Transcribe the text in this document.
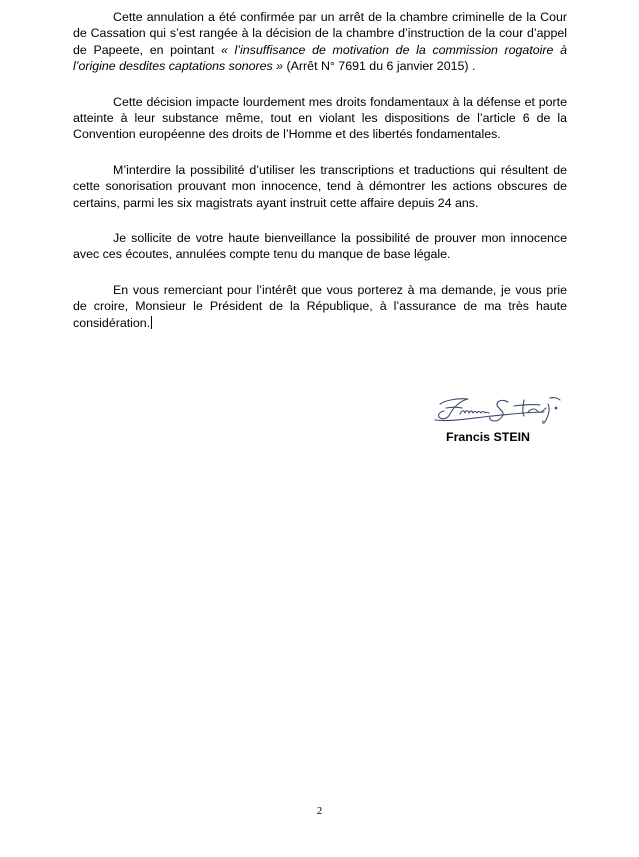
Cette annulation a été confirmée par un arrêt de la chambre criminelle de la Cour de Cassation qui s’est rangée à la décision de la chambre d’instruction de la cour d’appel de Papeete, en pointant « l’insuffisance de motivation de la commission rogatoire à l’origine desdites captations sonores » (Arrêt N° 7691 du 6 janvier 2015) .

Cette décision impacte lourdement mes droits fondamentaux à la défense et porte atteinte à leur substance même, tout en violant les dispositions de l’article 6 de la Convention européenne des droits de l’Homme et des libertés fondamentales.

M’interdire la possibilité d’utiliser les transcriptions et traductions qui résultent de cette sonorisation prouvant mon innocence, tend à démontrer les actions obscures de certains, parmi les six magistrats ayant instruit cette affaire depuis 24 ans.

Je sollicite de votre haute bienveillance la possibilité de prouver mon innocence avec ces écoutes, annulées compte tenu du manque de base légale.

En vous remerciant pour l’intérêt que vous porterez à ma demande, je vous prie de croire, Monsieur le Président de la République, à l’assurance de ma très haute considération.

Francis STEIN
2
